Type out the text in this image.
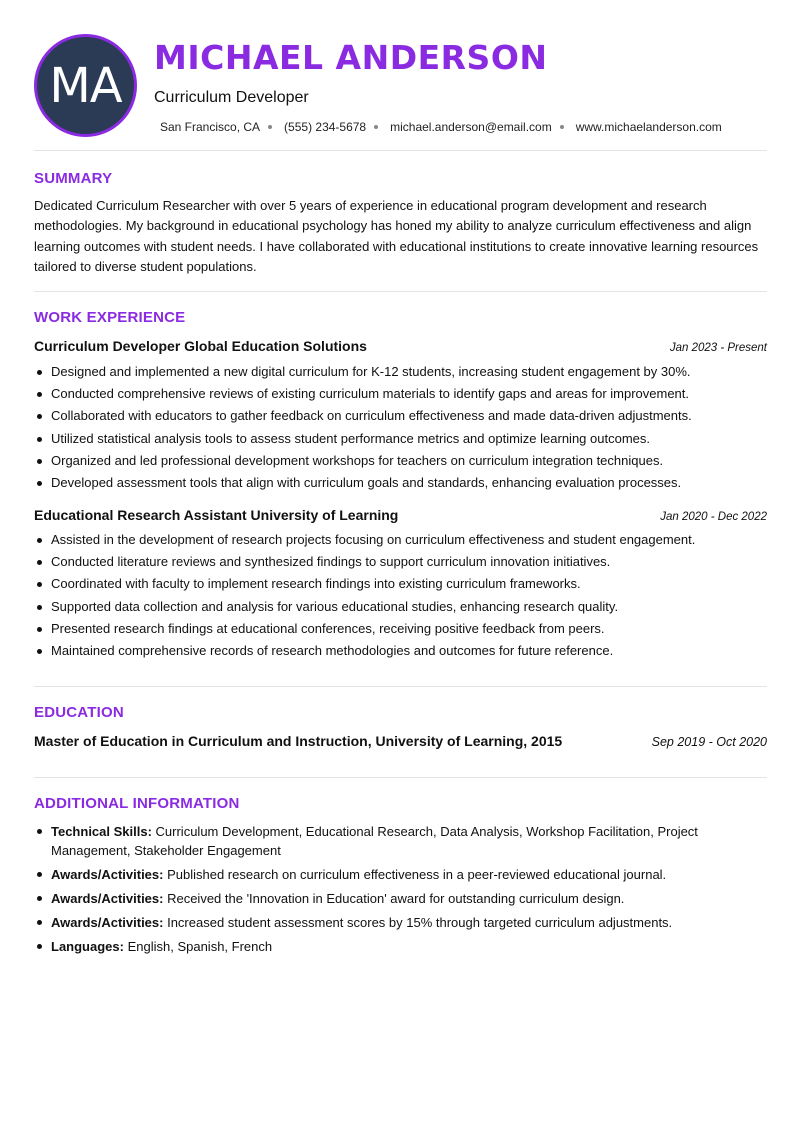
MA MICHAEL ANDERSON
Curriculum Developer
San Francisco, CA (555) 234-5678 michael.anderson@email.com www.michaelanderson.com
SUMMARY
Dedicated Curriculum Researcher with over 5 years of experience in educational program development and research methodologies. My background in educational psychology has honed my ability to analyze curriculum effectiveness and align learning outcomes with student needs. I have collaborated with educational institutions to create innovative learning resources tailored to diverse student populations.
WORK EXPERIENCE
Curriculum Developer Global Education Solutions	Jan 2023 - Present
Designed and implemented a new digital curriculum for K-12 students, increasing student engagement by 30%.
Conducted comprehensive reviews of existing curriculum materials to identify gaps and areas for improvement.
Collaborated with educators to gather feedback on curriculum effectiveness and made data-driven adjustments.
Utilized statistical analysis tools to assess student performance metrics and optimize learning outcomes.
Organized and led professional development workshops for teachers on curriculum integration techniques.
Developed assessment tools that align with curriculum goals and standards, enhancing evaluation processes.
Educational Research Assistant University of Learning	Jan 2020 - Dec 2022
Assisted in the development of research projects focusing on curriculum effectiveness and student engagement.
Conducted literature reviews and synthesized findings to support curriculum innovation initiatives.
Coordinated with faculty to implement research findings into existing curriculum frameworks.
Supported data collection and analysis for various educational studies, enhancing research quality.
Presented research findings at educational conferences, receiving positive feedback from peers.
Maintained comprehensive records of research methodologies and outcomes for future reference.
EDUCATION
Master of Education in Curriculum and Instruction, University of Learning, 2015	Sep 2019 - Oct 2020
ADDITIONAL INFORMATION
Technical Skills: Curriculum Development, Educational Research, Data Analysis, Workshop Facilitation, Project Management, Stakeholder Engagement
Awards/Activities: Published research on curriculum effectiveness in a peer-reviewed educational journal.
Awards/Activities: Received the 'Innovation in Education' award for outstanding curriculum design.
Awards/Activities: Increased student assessment scores by 15% through targeted curriculum adjustments.
Languages: English, Spanish, French
